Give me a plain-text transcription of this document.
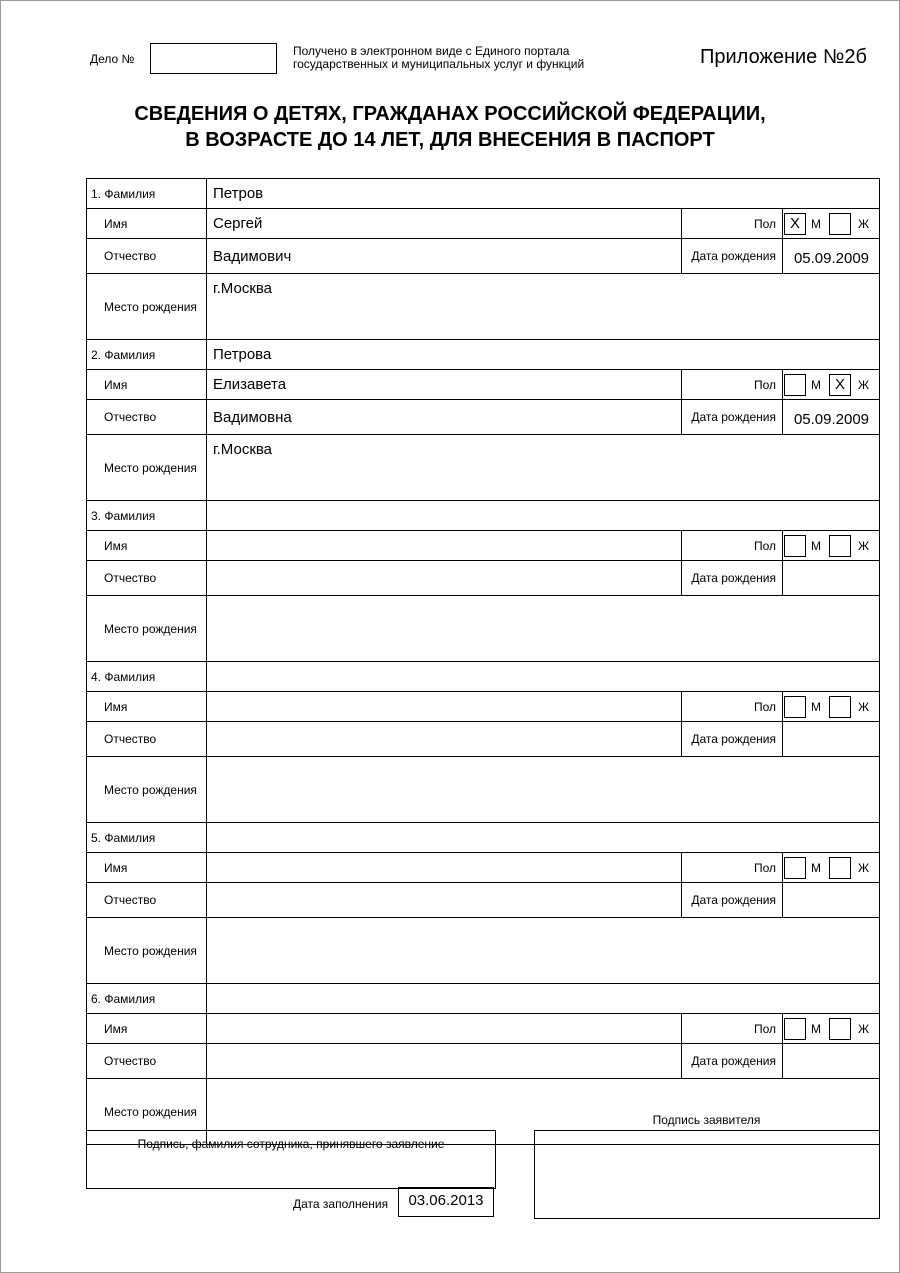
Дело №
Получено в электронном виде с Единого портала
государственных и муниципальных услуг и функций	Приложение №2б
СВЕДЕНИЯ О ДЕТЯХ, ГРАЖДАНАХ РОССИЙСКОЙ ФЕДЕРАЦИИ,
В ВОЗРАСТЕ ДО 14 ЛЕТ, ДЛЯ ВНЕСЕНИЯ В ПАСПОРТ
1. Фамилия	Петров		
Имя	Сергей	Пол	X М Ж

Отчество	Вадимович	Дата рождения	05.09.2009
Место рождения	г.Москва		
2. Фамилия	Петрова		
Имя	Елизавета	Пол	М X Ж

Отчество	Вадимовна	Дата рождения	05.09.2009
Место рождения	г.Москва		
3. Фамилия			
Имя		Пол	М Ж

Отчество		Дата рождения	
Место рождения			
4. Фамилия			
Имя		Пол	М Ж

Отчество		Дата рождения	
Место рождения			
5. Фамилия			
Имя		Пол	М Ж

Отчество		Дата рождения	
Место рождения			
6. Фамилия			
Имя		Пол	М Ж

Отчество		Дата рождения	
Место рождения			
Подпись, фамилия сотрудника, принявшего заявление
Дата заполнения	03.06.2013
Подпись заявителя
